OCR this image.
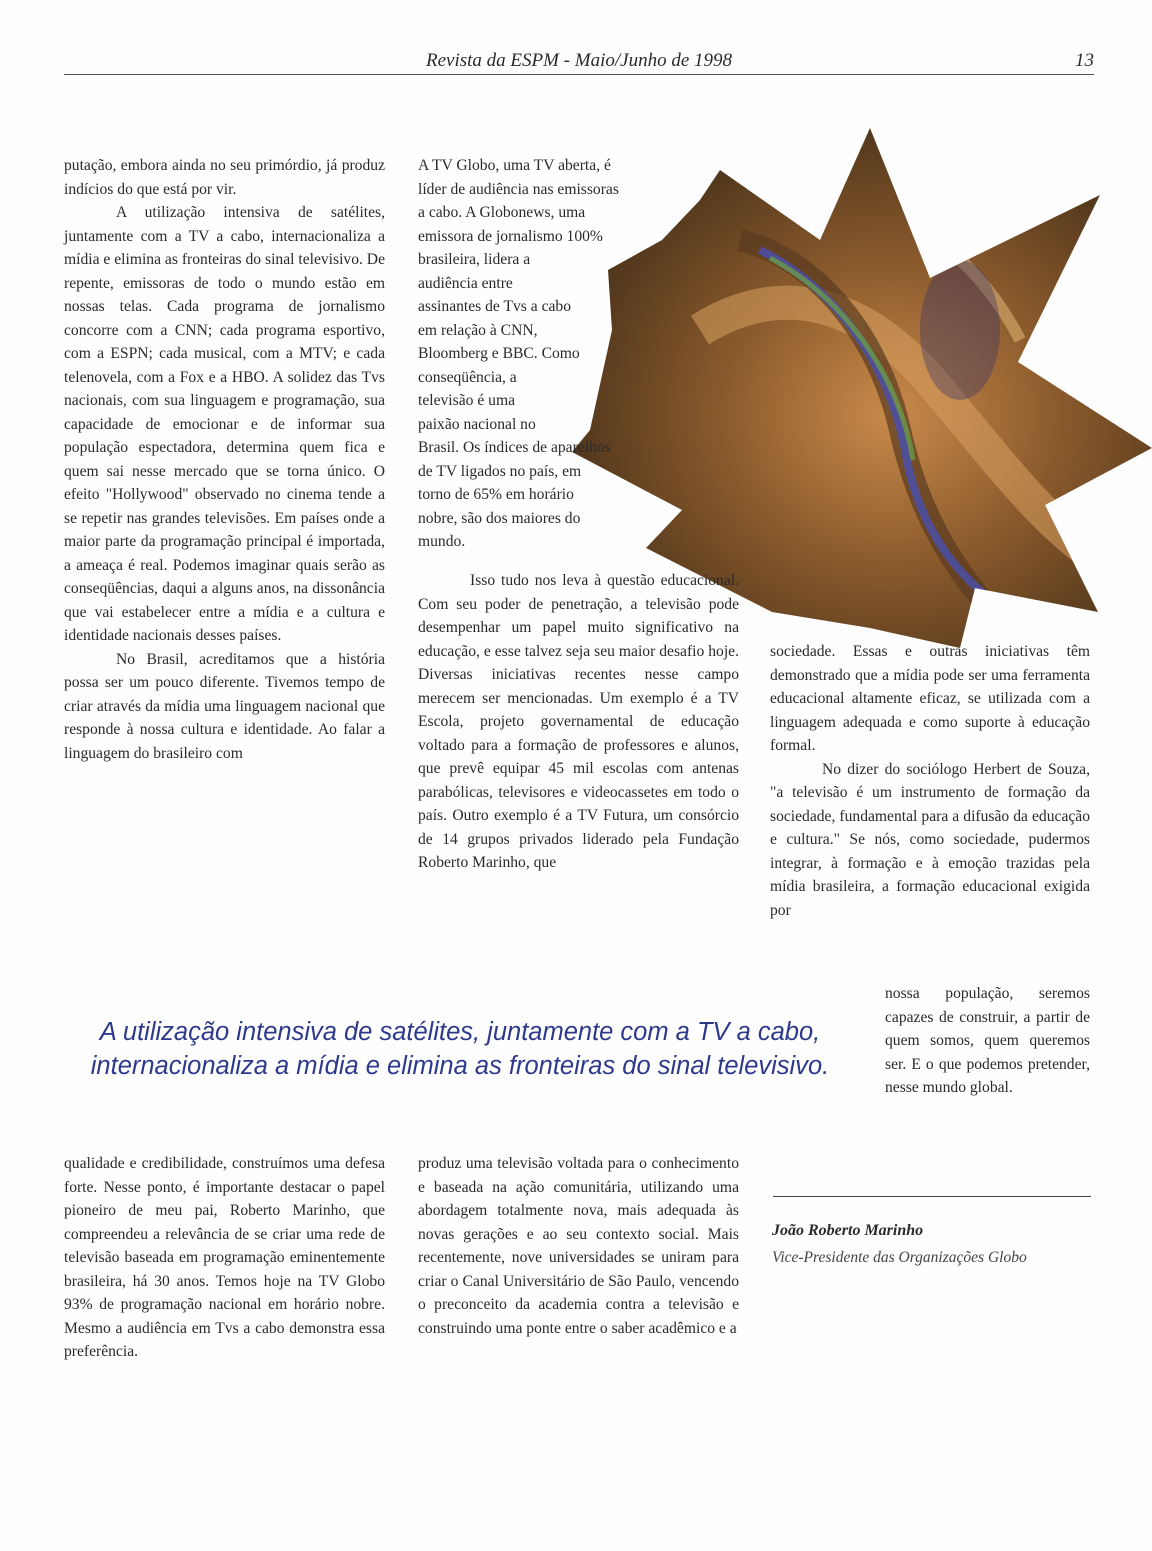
Revista da ESPM - Maio/Junho de 1998	13

putação, embora ainda no seu primórdio, já produz indícios do que está por vir.

A utilização intensiva de satélites, juntamente com a TV a cabo, internacionaliza a mídia e elimina as fronteiras do sinal televisivo. De repente, emissoras de todo o mundo estão em nossas telas. Cada programa de jornalismo concorre com a CNN; cada programa esportivo, com a ESPN; cada musical, com a MTV; e cada telenovela, com a Fox e a HBO. A solidez das Tvs nacionais, com sua linguagem e programação, sua capacidade de emocionar e de informar sua população espectadora, determina quem fica e quem sai nesse mercado que se torna único. O efeito "Hollywood" observado no cinema tende a se repetir nas grandes televisões. Em países onde a maior parte da programação principal é importada, a ameaça é real. Podemos imaginar quais serão as conseqüências, daqui a alguns anos, na dissonância que vai estabelecer entre a mídia e a cultura e identidade nacionais desses países.

No Brasil, acreditamos que a história possa ser um pouco diferente. Tivemos tempo de criar através da mídia uma linguagem nacional que responde à nossa cultura e identidade. Ao falar a linguagem do brasileiro com

A TV Globo, uma TV aberta, é
líder de audiência nas emissoras
a cabo. A Globonews, uma
emissora de jornalismo 100%
brasileira, lidera a
audiência entre
assinantes de Tvs a cabo
em relação à CNN,
Bloomberg e BBC. Como
conseqüência, a
televisão é uma
paixão nacional no
Brasil. Os índices de aparelhos
de TV ligados no país, em
torno de 65% em horário
nobre, são dos maiores do
mundo.

Isso tudo nos leva à questão educacional. Com seu poder de penetração, a televisão pode desempenhar um papel muito significativo na educação, e esse talvez seja seu maior desafio hoje. Diversas iniciativas recentes nesse campo merecem ser mencionadas. Um exemplo é a TV Escola, projeto governamental de educação voltado para a formação de professores e alunos, que prevê equipar 45 mil escolas com antenas parabólicas, televisores e videocassetes em todo o país. Outro exemplo é a TV Futura, um consórcio de 14 grupos privados liderado pela Fundação Roberto Marinho, que

sociedade. Essas e outras iniciativas têm demonstrado que a mídia pode ser uma ferramenta educacional altamente eficaz, se utilizada com a linguagem adequada e como suporte à educação formal.

No dizer do sociólogo Herbert de Souza, "a televisão é um instrumento de formação da sociedade, fundamental para a difusão da educação e cultura." Se nós, como sociedade, pudermos integrar, à formação e à emoção trazidas pela mídia brasileira, a formação educacional exigida por

nossa população, seremos capazes de construir, a partir de quem somos, quem queremos ser. E o que podemos pretender, nesse mundo global.

A utilização intensiva de satélites, juntamente com a TV a cabo, internacionaliza a mídia e elimina as fronteiras do sinal televisivo.

qualidade e credibilidade, construímos uma defesa forte. Nesse ponto, é importante destacar o papel pioneiro de meu pai, Roberto Marinho, que compreendeu a relevância de se criar uma rede de televisão baseada em programação eminentemente brasileira, há 30 anos. Temos hoje na TV Globo 93% de programação nacional em horário nobre. Mesmo a audiência em Tvs a cabo demonstra essa preferência.

produz uma televisão voltada para o conhecimento e baseada na ação comunitária, utilizando uma abordagem totalmente nova, mais adequada às novas gerações e ao seu contexto social. Mais recentemente, nove universidades se uniram para criar o Canal Universitário de São Paulo, vencendo o preconceito da academia contra a televisão e construindo uma ponte entre o saber acadêmico e a

João Roberto Marinho
Vice-Presidente das Organizações Globo
